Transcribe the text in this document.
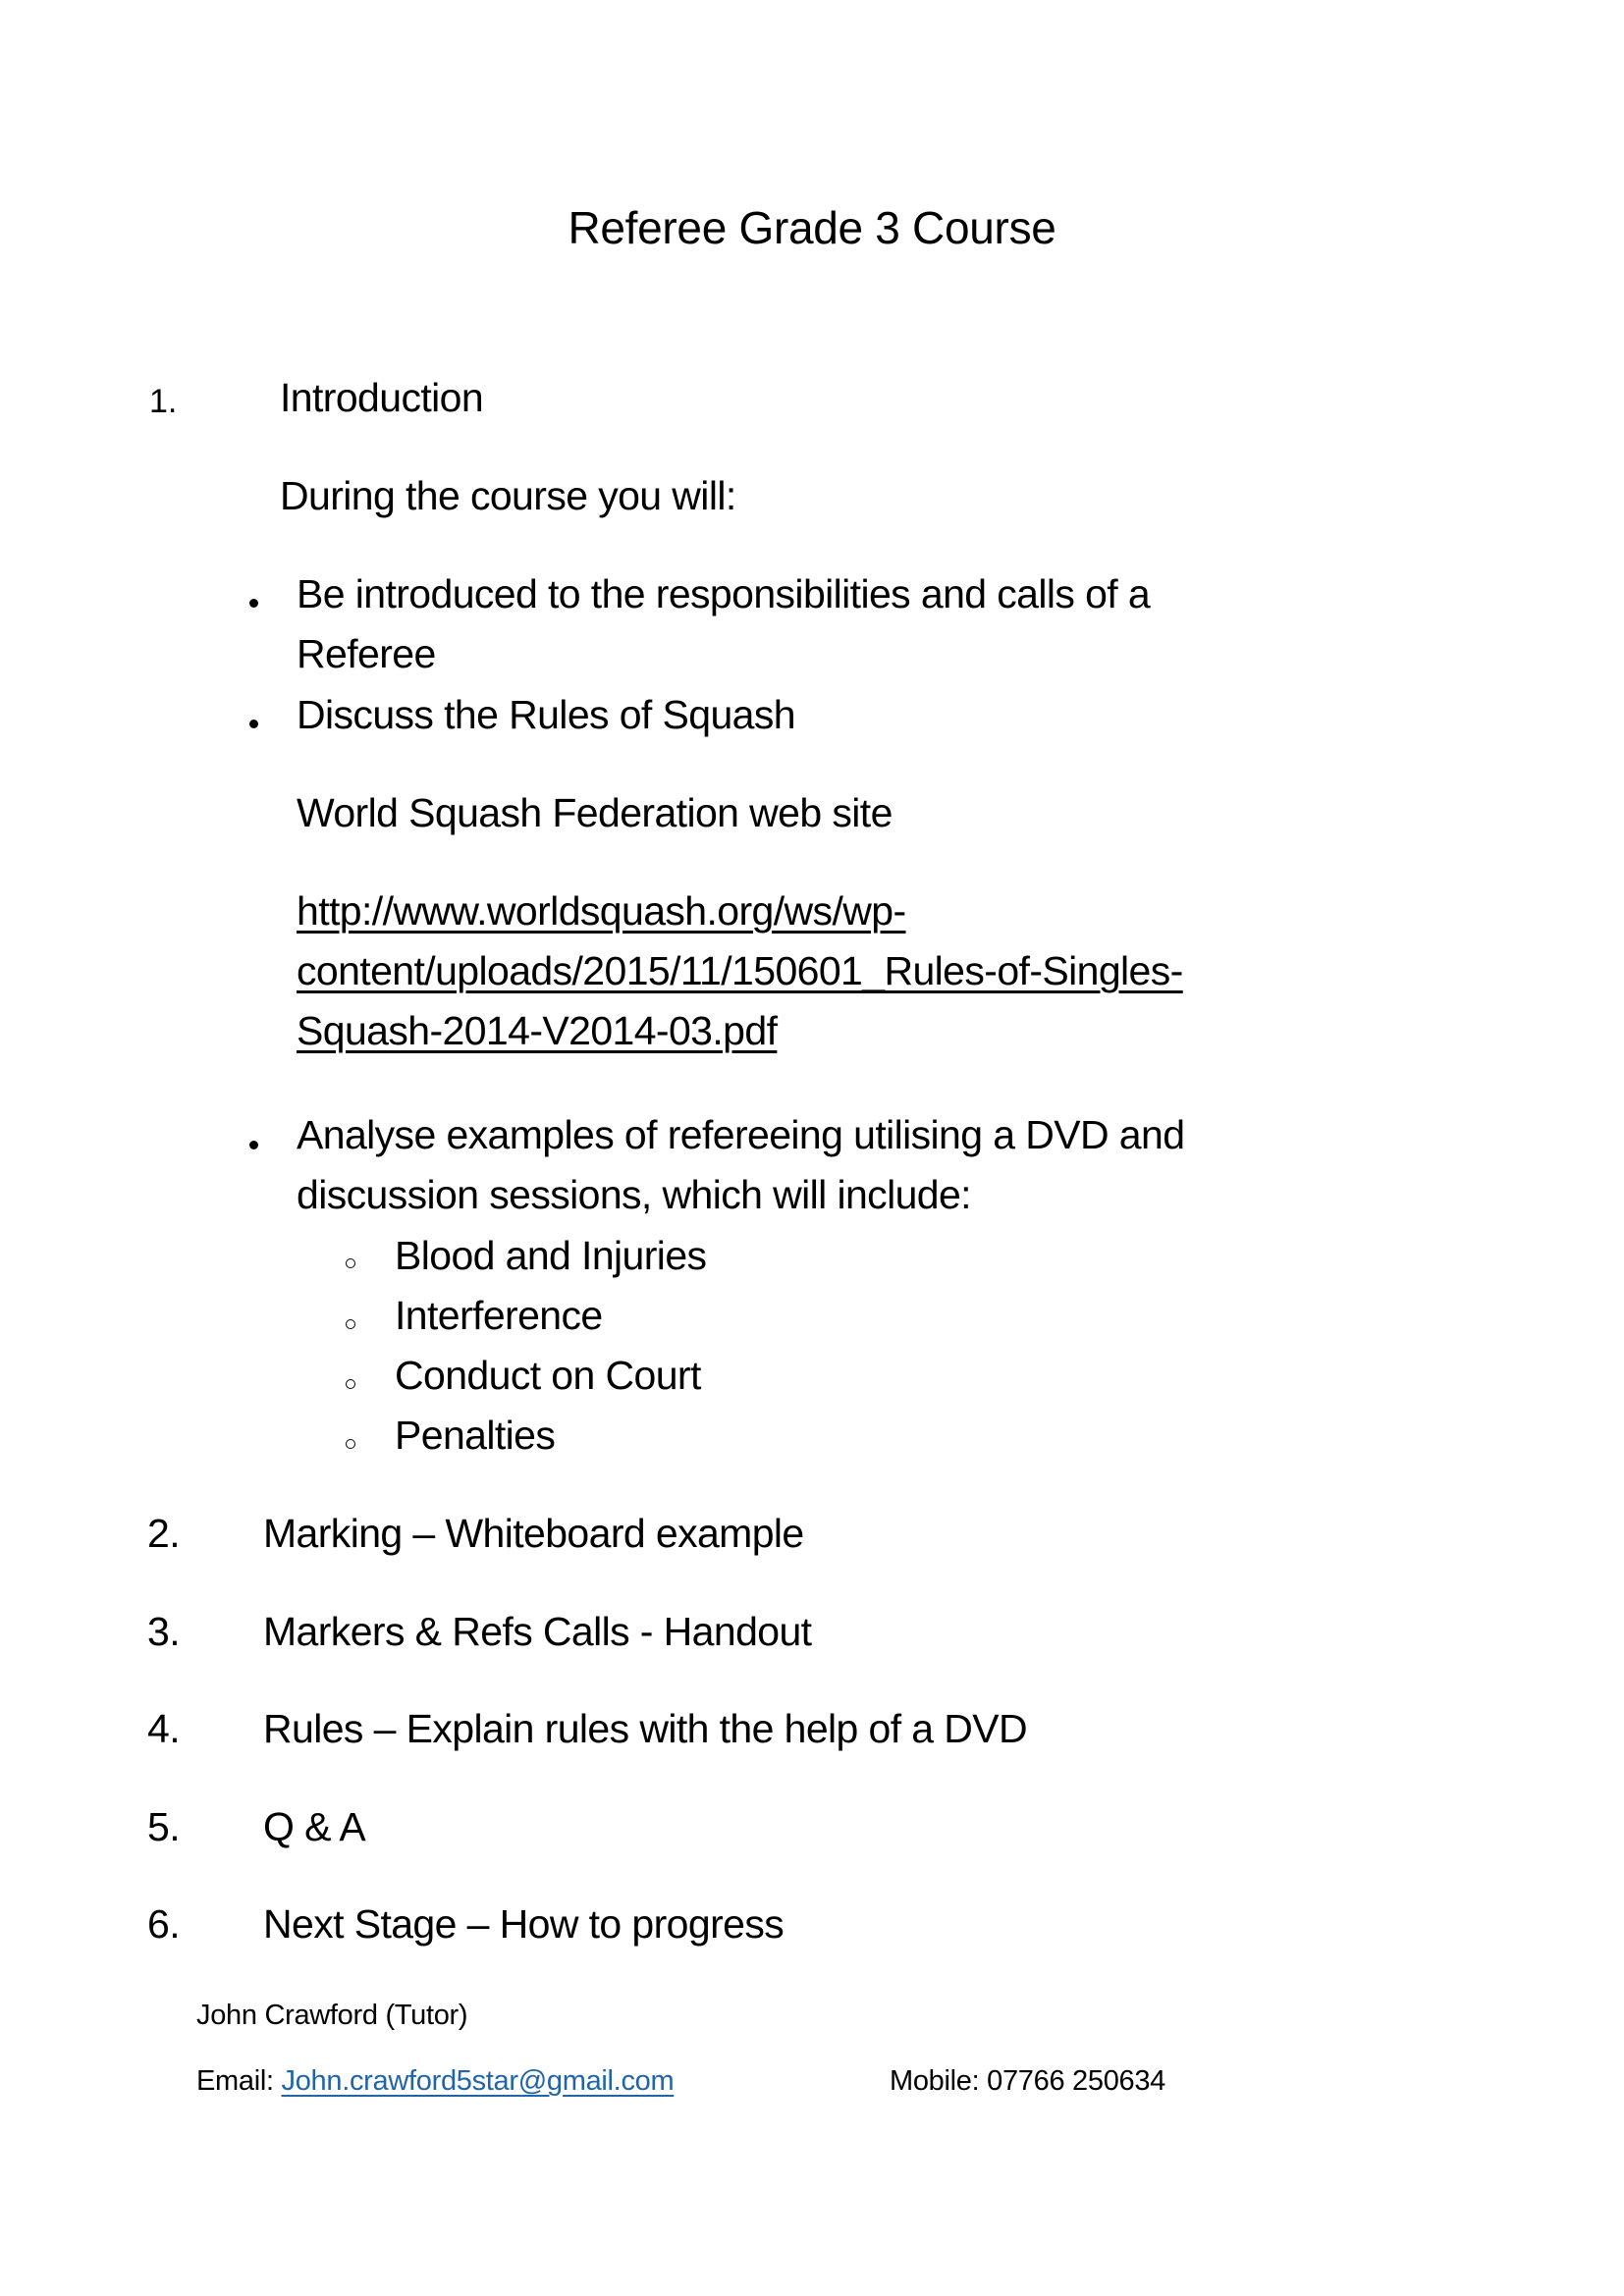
Referee Grade 3 Course
1.	Introduction
During the course you will:
Be introduced to the responsibilities and calls of a
Referee
Discuss the Rules of Squash
World Squash Federation web site
http://www.worldsquash.org/ws/wp-
content/uploads/2015/11/150601_Rules-of-Singles-
Squash-2014-V2014-03.pdf
Analyse examples of refereeing utilising a DVD and
discussion sessions, which will include:
Blood and Injuries
Interference
Conduct on Court
Penalties
2. Marking – Whiteboard example
3. Markers & Refs Calls - Handout
4. Rules – Explain rules with the help of a DVD
5. Q & A
6. Next Stage – How to progress
John Crawford (Tutor)
Email: John.crawford5star@gmail.com	Mobile: 07766 250634
